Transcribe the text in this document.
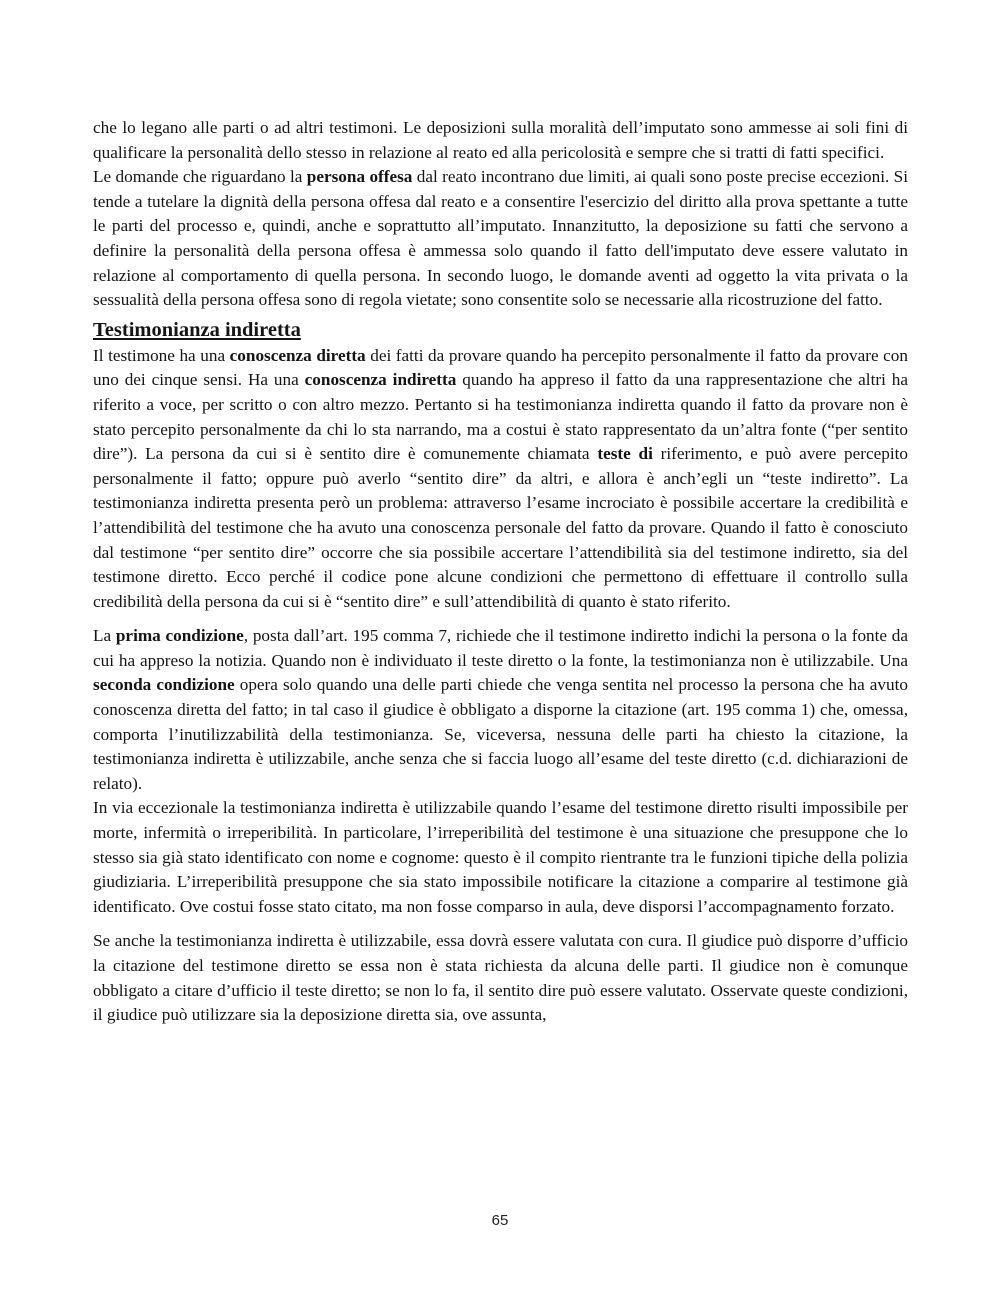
che lo legano alle parti o ad altri testimoni. Le deposizioni sulla moralità dell’imputato sono ammesse ai soli fini di qualificare la personalità dello stesso in relazione al reato ed alla pericolosità e sempre che si tratti di fatti specifici.

Le domande che riguardano la persona offesa dal reato incontrano due limiti, ai quali sono poste precise eccezioni. Si tende a tutelare la dignità della persona offesa dal reato e a consentire l'esercizio del diritto alla prova spettante a tutte le parti del processo e, quindi, anche e soprattutto all’imputato. Innanzitutto, la deposizione su fatti che servono a definire la personalità della persona offesa è ammessa solo quando il fatto dell'imputato deve essere valutato in relazione al comportamento di quella persona. In secondo luogo, le domande aventi ad oggetto la vita privata o la sessualità della persona offesa sono di regola vietate; sono consentite solo se necessarie alla ricostruzione del fatto.

Testimonianza indiretta

Il testimone ha una conoscenza diretta dei fatti da provare quando ha percepito personalmente il fatto da provare con uno dei cinque sensi. Ha una conoscenza indiretta quando ha appreso il fatto da una rappresentazione che altri ha riferito a voce, per scritto o con altro mezzo. Pertanto si ha testimonianza indiretta quando il fatto da provare non è stato percepito personalmente da chi lo sta narrando, ma a costui è stato rappresentato da un’altra fonte (“per sentito dire”). La persona da cui si è sentito dire è comunemente chiamata teste di riferimento, e può avere percepito personalmente il fatto; oppure può averlo “sentito dire” da altri, e allora è anch’egli un “teste indiretto”. La testimonianza indiretta presenta però un problema: attraverso l’esame incrociato è possibile accertare la credibilità e l’attendibilità del testimone che ha avuto una conoscenza personale del fatto da provare. Quando il fatto è conosciuto dal testimone “per sentito dire” occorre che sia possibile accertare l’attendibilità sia del testimone indiretto, sia del testimone diretto. Ecco perché il codice pone alcune condizioni che permettono di effettuare il controllo sulla credibilità della persona da cui si è “sentito dire” e sull’attendibilità di quanto è stato riferito.

La prima condizione, posta dall’art. 195 comma 7, richiede che il testimone indiretto indichi la persona o la fonte da cui ha appreso la notizia. Quando non è individuato il teste diretto o la fonte, la testimonianza non è utilizzabile. Una seconda condizione opera solo quando una delle parti chiede che venga sentita nel processo la persona che ha avuto conoscenza diretta del fatto; in tal caso il giudice è obbligato a disporne la citazione (art. 195 comma 1) che, omessa, comporta l’inutilizzabilità della testimonianza. Se, viceversa, nessuna delle parti ha chiesto la citazione, la testimonianza indiretta è utilizzabile, anche senza che si faccia luogo all’esame del teste diretto (c.d. dichiarazioni de relato).

In via eccezionale la testimonianza indiretta è utilizzabile quando l’esame del testimone diretto risulti impossibile per morte, infermità o irreperibilità. In particolare, l’irreperibilità del testimone è una situazione che presuppone che lo stesso sia già stato identificato con nome e cognome: questo è il compito rientrante tra le funzioni tipiche della polizia giudiziaria. L’irreperibilità presuppone che sia stato impossibile notificare la citazione a comparire al testimone già identificato. Ove costui fosse stato citato, ma non fosse comparso in aula, deve disporsi l’accompagnamento forzato.

Se anche la testimonianza indiretta è utilizzabile, essa dovrà essere valutata con cura. Il giudice può disporre d’ufficio la citazione del testimone diretto se essa non è stata richiesta da alcuna delle parti. Il giudice non è comunque obbligato a citare d’ufficio il teste diretto; se non lo fa, il sentito dire può essere valutato. Osservate queste condizioni, il giudice può utilizzare sia la deposizione diretta sia, ove assunta,

65
